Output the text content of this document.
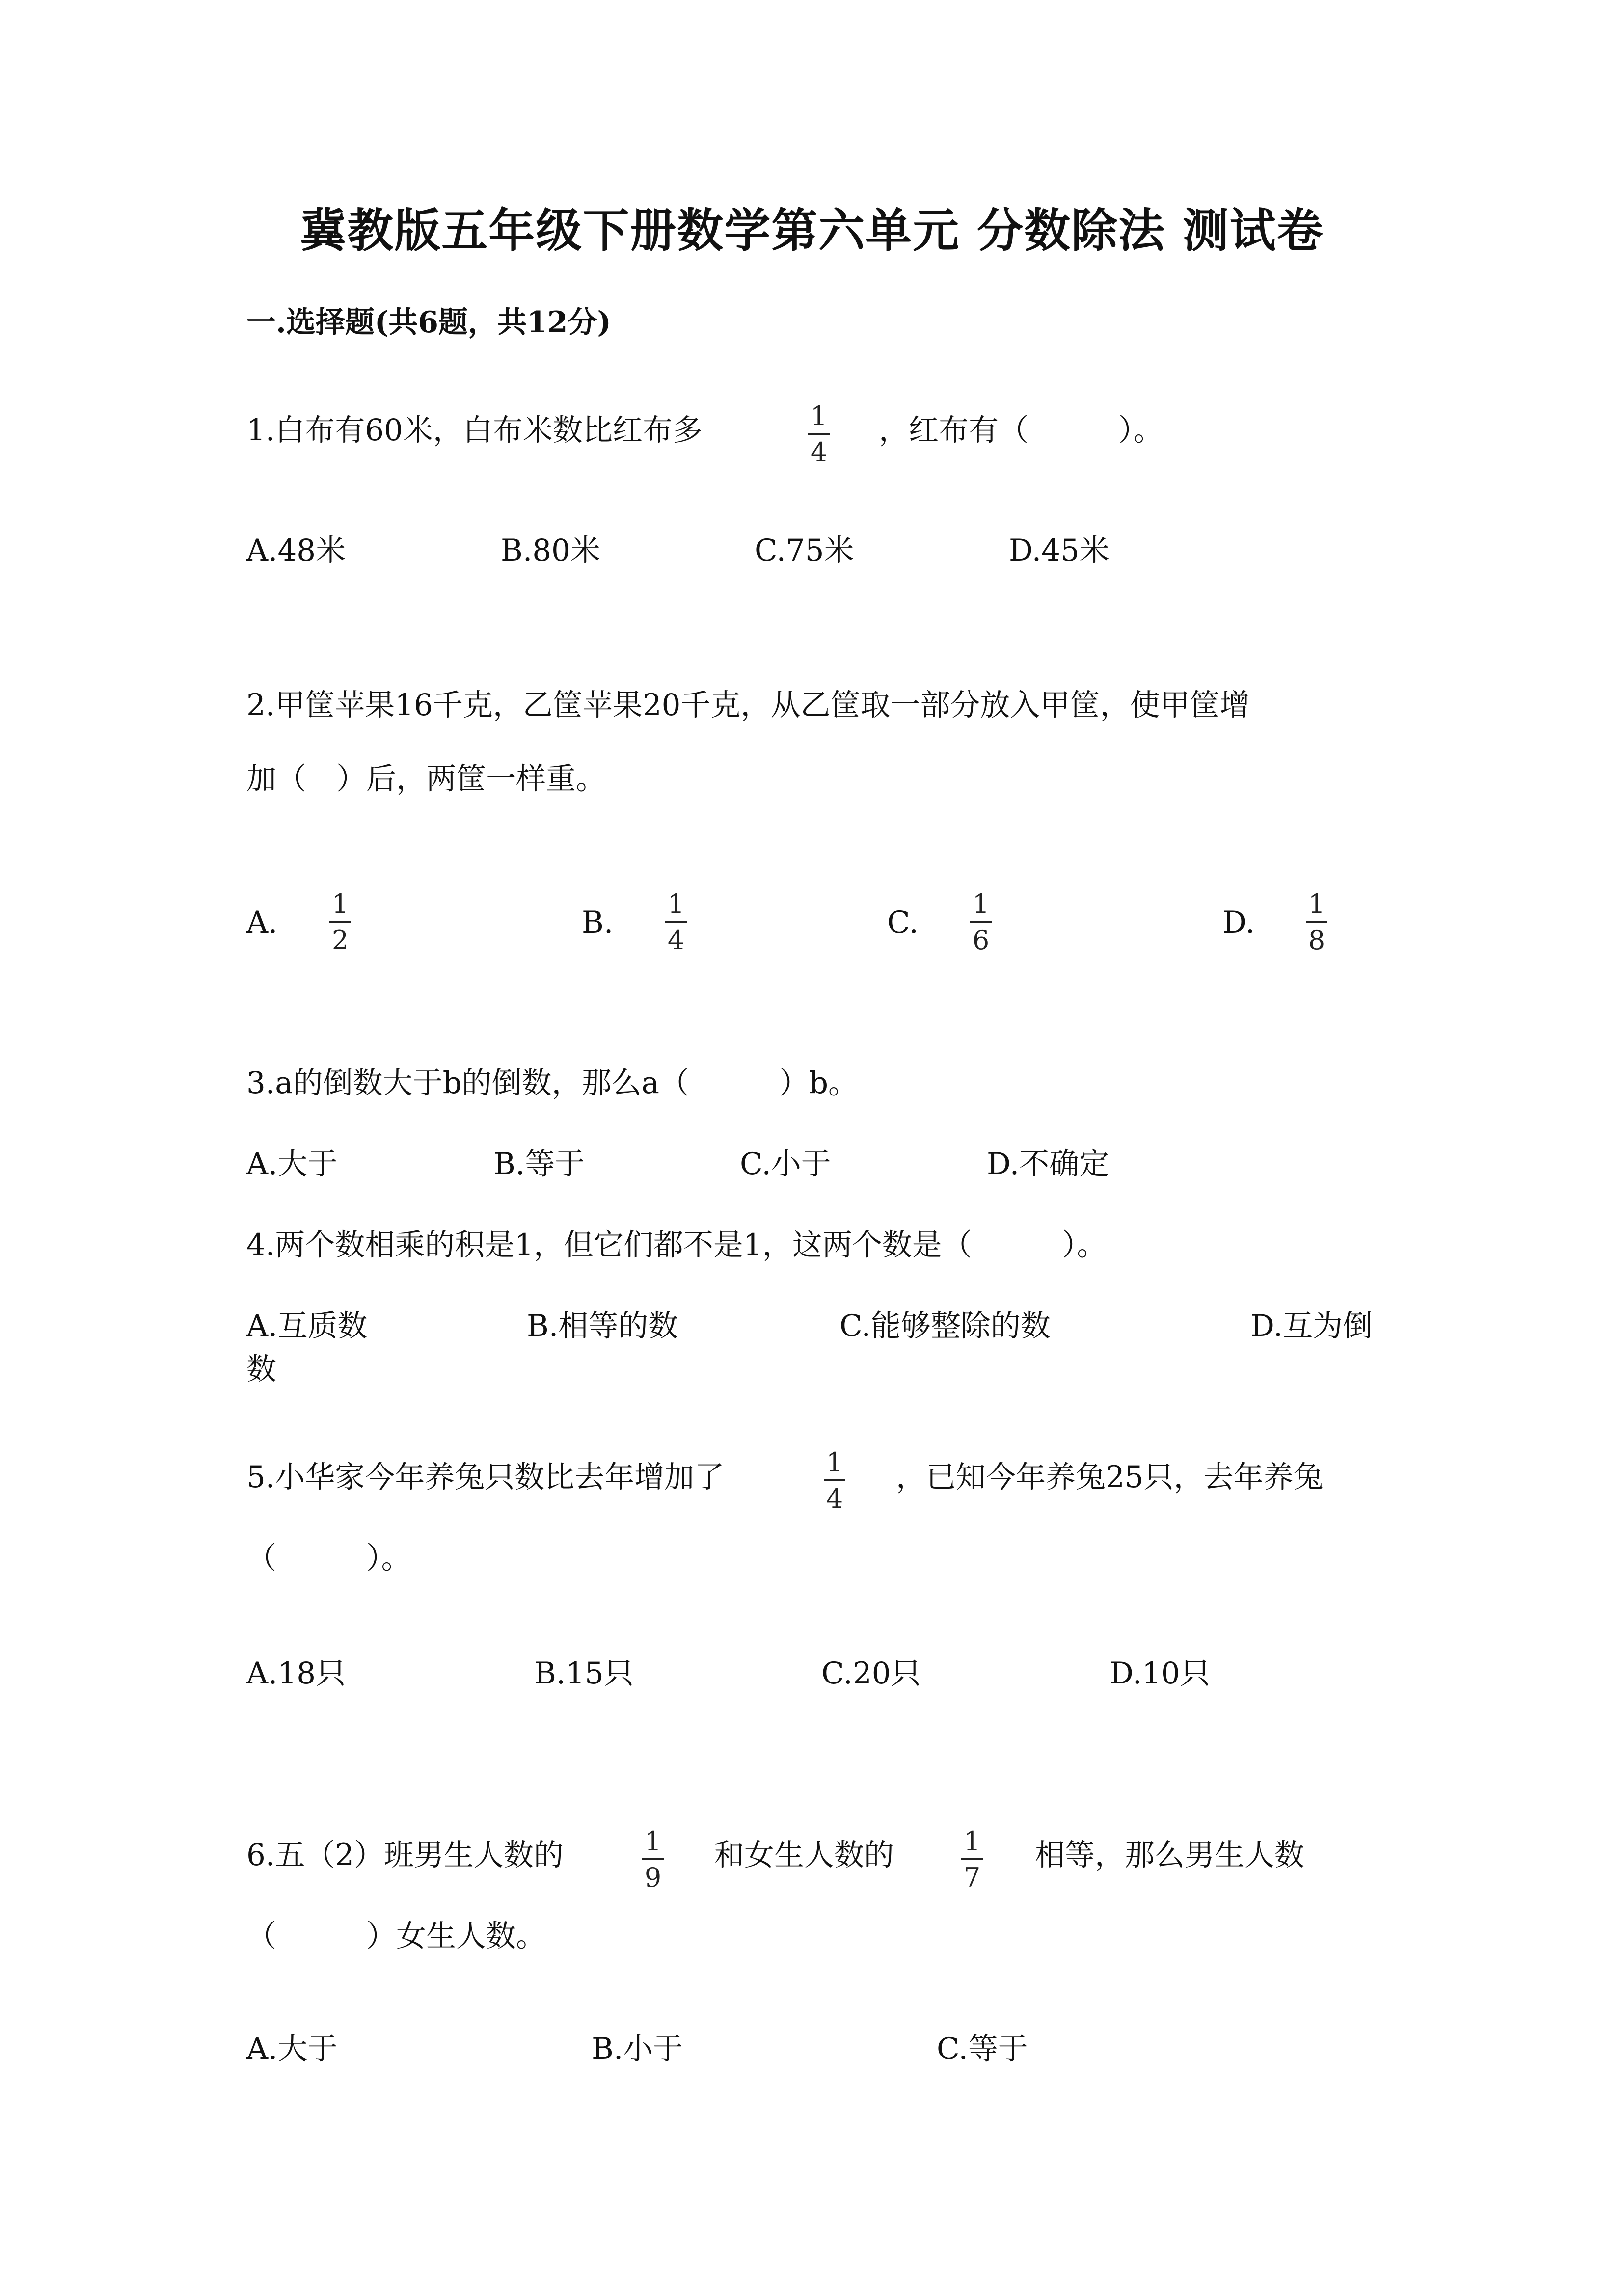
冀教版五年级下册数学第六单元 分数除法 测试卷
一.选择题(共6题，共12分)
1.白布有60米，白布米数比红布多	1
4
，红布有（　　　）。
A.48米	B.80米	C.75米	D.45米
2.甲筐苹果16千克，乙筐苹果20千克，从乙筐取一部分放入甲筐，使甲筐增
加（　）后，两筐一样重。
A.
1
2
B.
1
4
C.
1
6
D.
1
8
3.a的倒数大于b的倒数，那么a（　　　）b。
A.大于	B.等于	C.小于	D.不确定
4.两个数相乘的积是1，但它们都不是1，这两个数是（　　　）。
A.互质数	B.相等的数	C.能够整除的数	D.互为倒
数
5.小华家今年养兔只数比去年增加了	1
4
，已知今年养兔25只，去年养兔
（　　　）。
A.18只	B.15只	C.20只	D.10只
6.五（2）班男生人数的	1
9
和女生人数的	1
7
相等，那么男生人数
（　　　）女生人数。
A.大于	B.小于	C.等于
